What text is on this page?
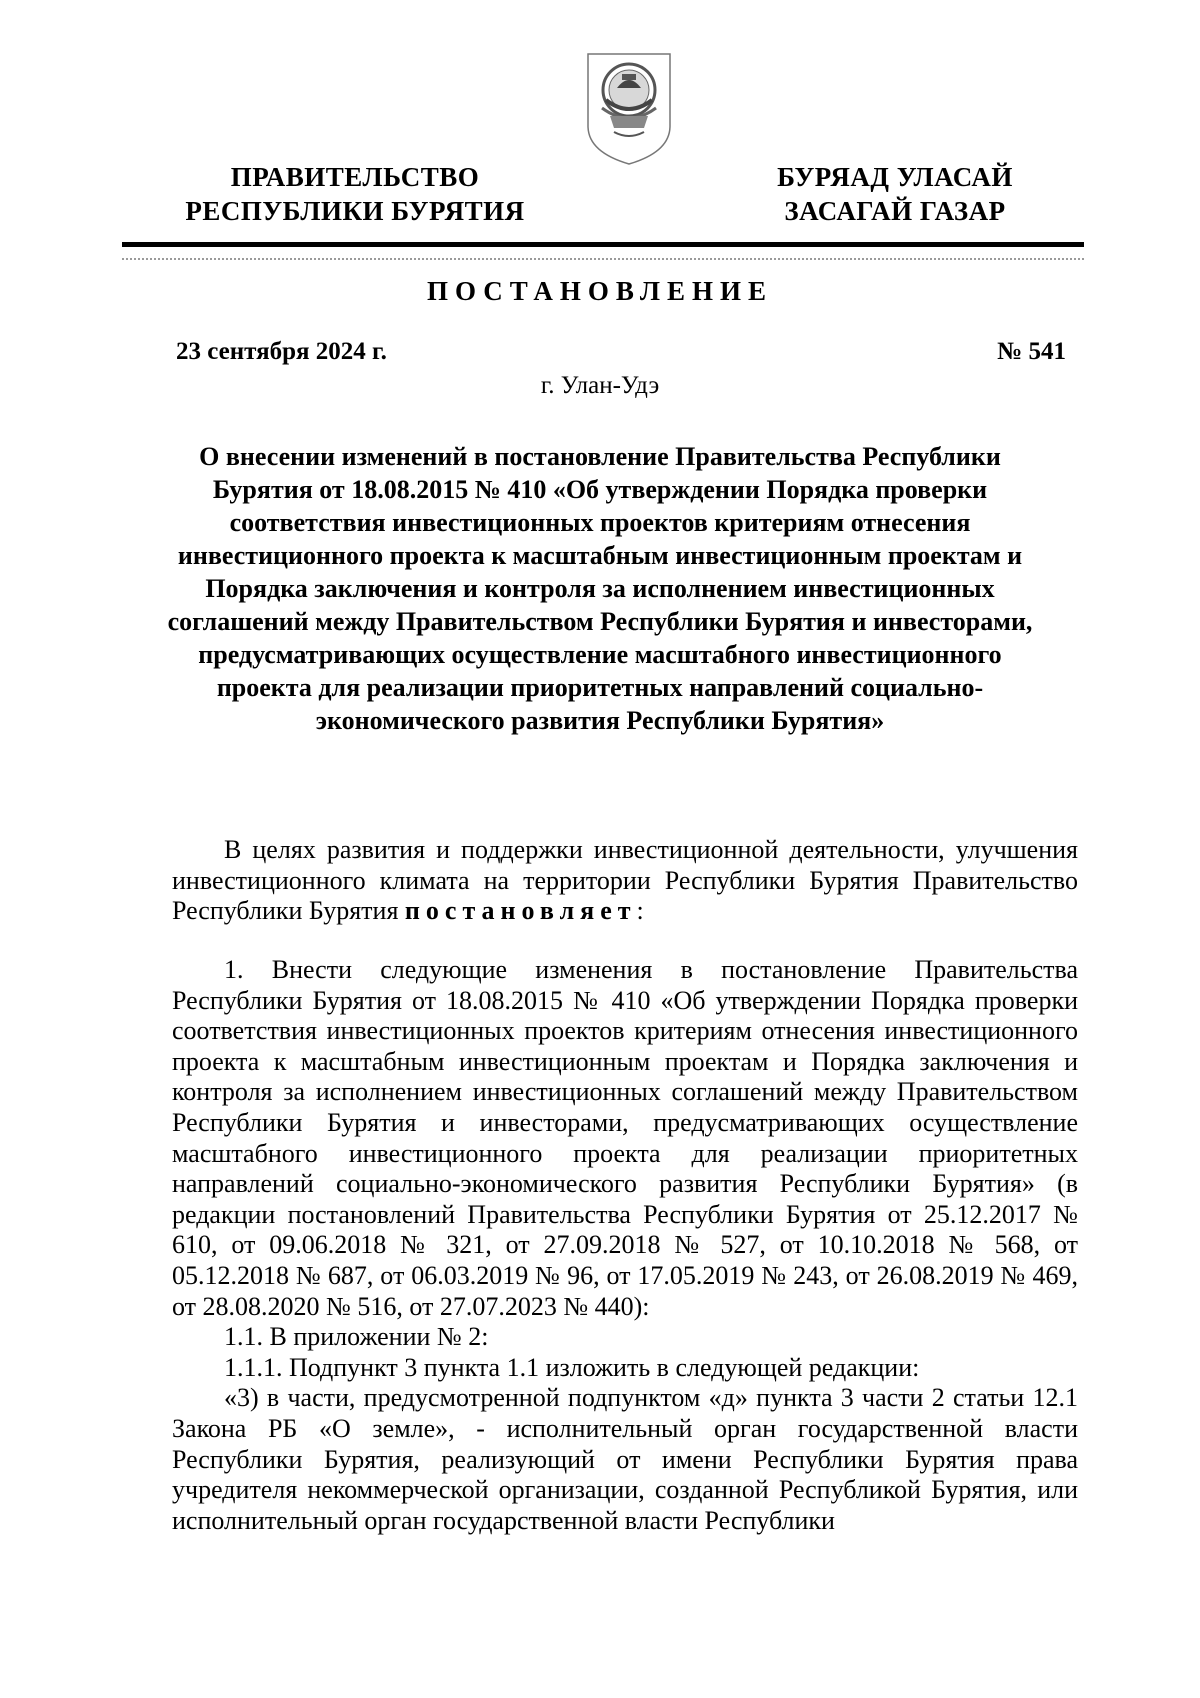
ПРАВИТЕЛЬСТВО
РЕСПУБЛИКИ БУРЯТИЯ
БУРЯАД УЛАСАЙ
ЗАСАГАЙ ГАЗАР
ПОСТАНОВЛЕНИЕ
23 сентября 2024 г.	№ 541
г. Улан-Удэ
О внесении изменений в постановление Правительства Республики Бурятия от 18.08.2015 № 410 «Об утверждении Порядка проверки соответствия инвестиционных проектов критериям отнесения инвестиционного проекта к масштабным инвестиционным проектам и Порядка заключения и контроля за исполнением инвестиционных соглашений между Правительством Республики Бурятия и инвесторами, предусматривающих осуществление масштабного инвестиционного проекта для реализации приоритетных направлений социально-экономического развития Республики Бурятия»

В целях развития и поддержки инвестиционной деятельности, улучшения инвестиционного климата на территории Республики Бурятия Правительство Республики Бурятия постановляет:

1. Внести следующие изменения в постановление Правительства Республики Бурятия от 18.08.2015 № 410 «Об утверждении Порядка проверки соответствия инвестиционных проектов критериям отнесения инвестиционного проекта к масштабным инвестиционным проектам и Порядка заключения и контроля за исполнением инвестиционных соглашений между Правительством Республики Бурятия и инвесторами, предусматривающих осуществление масштабного инвестиционного проекта для реализации приоритетных направлений социально-экономического развития Республики Бурятия» (в редакции постановлений Правительства Республики Бурятия от 25.12.2017 № 610, от 09.06.2018 № 321, от 27.09.2018 № 527, от 10.10.2018 № 568, от 05.12.2018 № 687, от 06.03.2019 № 96, от 17.05.2019 № 243, от 26.08.2019 № 469, от 28.08.2020 № 516, от 27.07.2023 № 440):

1.1. В приложении № 2:

1.1.1. Подпункт 3 пункта 1.1 изложить в следующей редакции:

«3) в части, предусмотренной подпунктом «д» пункта 3 части 2 статьи 12.1 Закона РБ «О земле», - исполнительный орган государственной власти Республики Бурятия, реализующий от имени Республики Бурятия права учредителя некоммерческой организации, созданной Республикой Бурятия, или исполнительный орган государственной власти Республики
